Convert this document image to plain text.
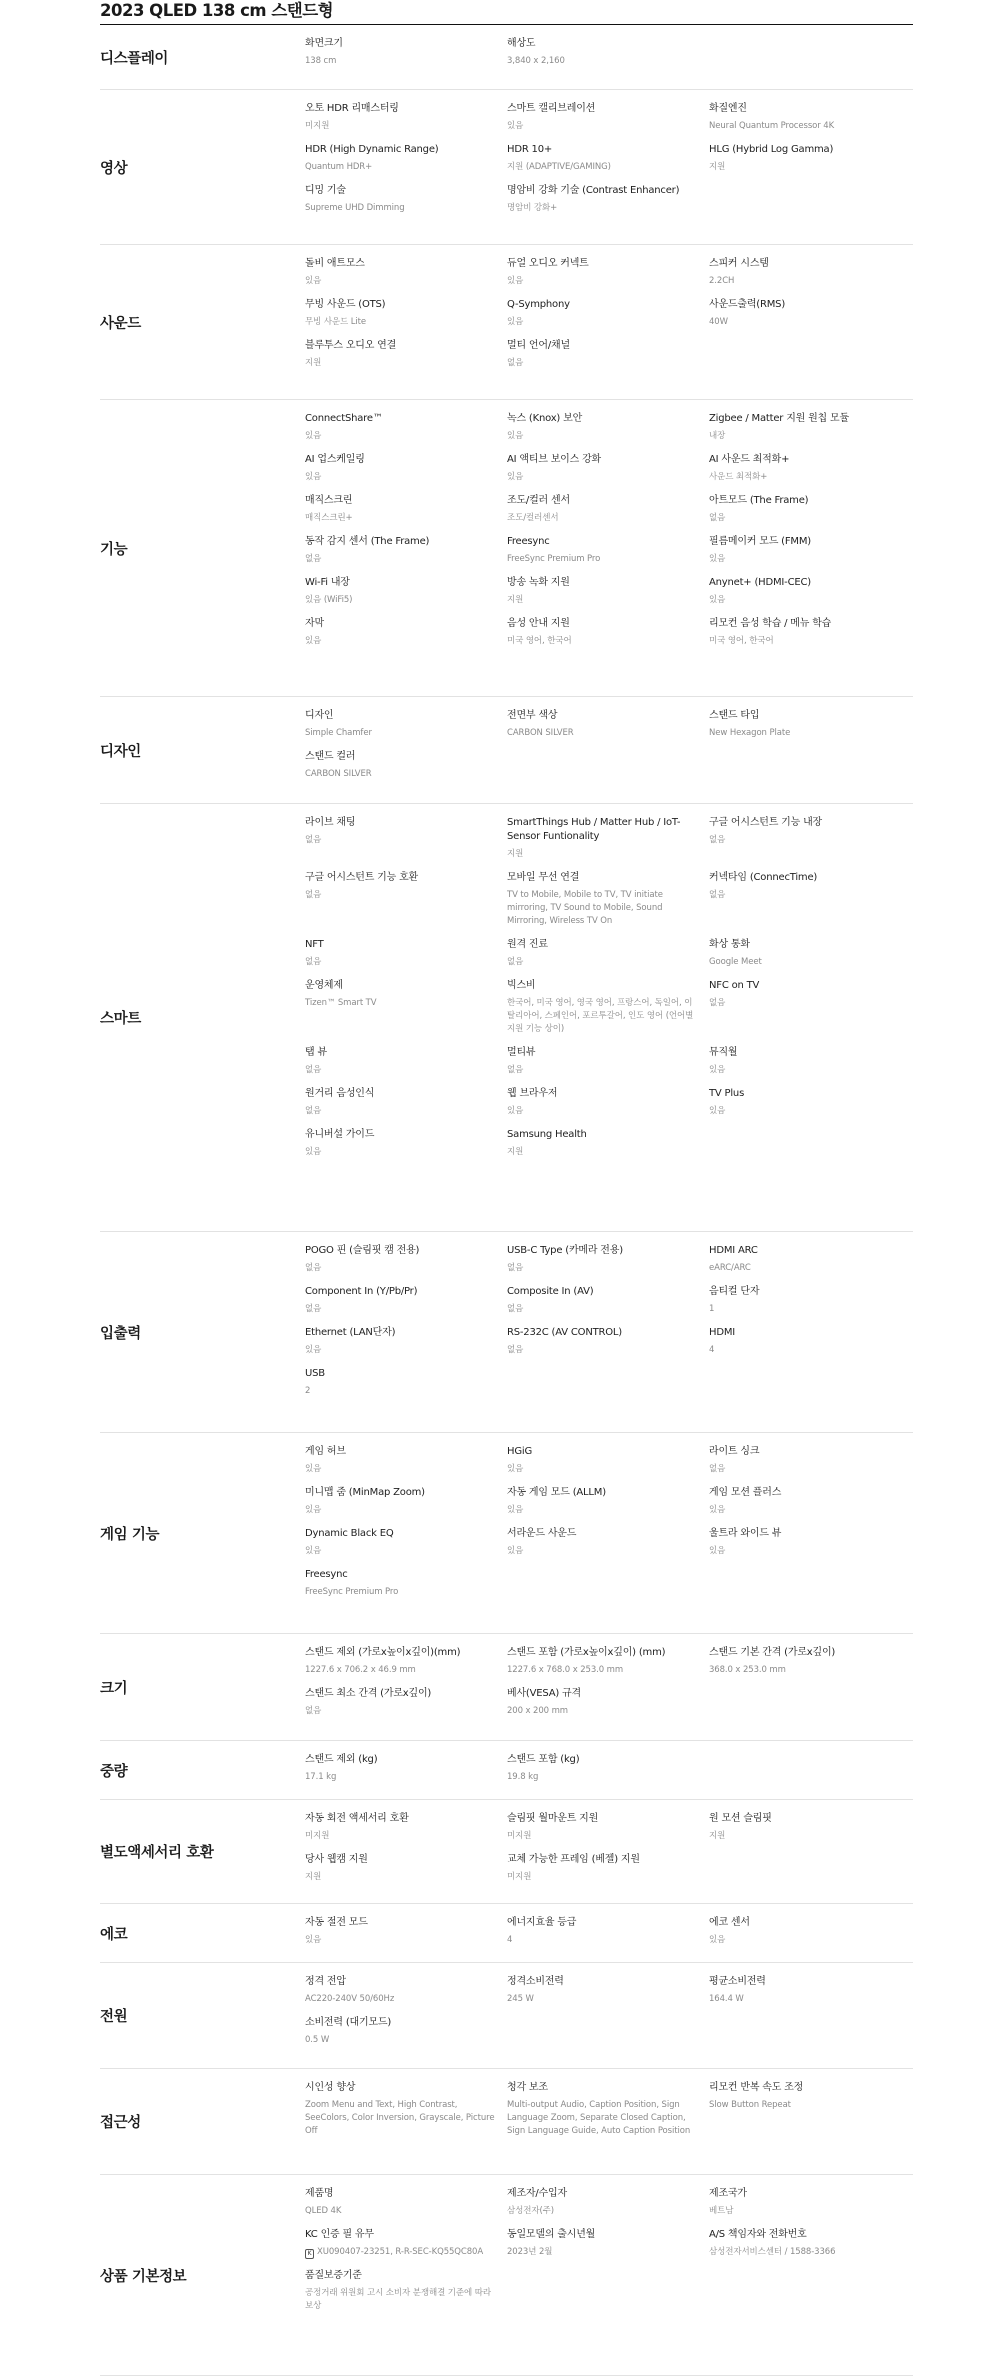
2023 QLED 138 cm 스탠드형
디스플레이
화면크기
138 cm
해상도
3,840 x 2,160
영상
오토 HDR 리매스터링
미지원
스마트 캘리브레이션
있음
화질엔진
Neural Quantum Processor 4K
HDR (High Dynamic Range)
Quantum HDR+
HDR 10+
지원 (ADAPTIVE/GAMING)
HLG (Hybrid Log Gamma)
지원
디밍 기술
Supreme UHD Dimming
명암비 강화 기술 (Contrast Enhancer)
명암비 강화+
사운드
돌비 애트모스
있음
듀얼 오디오 커넥트
있음
스피커 시스템
2.2CH
무빙 사운드 (OTS)
무빙 사운드 Lite
Q-Symphony
있음
사운드출력(RMS)
40W
블루투스 오디오 연결
지원
멀티 언어/채널
없음
기능
ConnectShare™
있음
녹스 (Knox) 보안
있음
Zigbee / Matter 지원 원칩 모듈
내장
AI 업스케일링
있음
AI 액티브 보이스 강화
있음
AI 사운드 최적화+
사운드 최적화+
매직스크린
매직스크린+
조도/컬러 센서
조도/컬러센서
아트모드 (The Frame)
없음
동작 감지 센서 (The Frame)
없음
Freesync
FreeSync Premium Pro
필름메이커 모드 (FMM)
있음
Wi-Fi 내장
있음 (WiFi5)
방송 녹화 지원
지원
Anynet+ (HDMI-CEC)
있음
자막
있음
음성 안내 지원
미국 영어, 한국어
리모컨 음성 학습 / 메뉴 학습
미국 영어, 한국어
디자인
디자인
Simple Chamfer
전면부 색상
CARBON SILVER
스탠드 타입
New Hexagon Plate
스탠드 컬러
CARBON SILVER
스마트
라이브 채팅
없음
SmartThings Hub / Matter Hub / IoT-Sensor Funtionality
지원
구글 어시스턴트 기능 내장
없음
구글 어시스턴트 기능 호환
없음
모바일 무선 연결
TV to Mobile, Mobile to TV, TV initiate mirroring, TV Sound to Mobile, Sound Mirroring, Wireless TV On
커넥타임 (ConnecTime)
없음
NFT
없음
원격 진료
없음
화상 통화
Google Meet
운영체제
Tizen™ Smart TV
빅스비
한국어, 미국 영어, 영국 영어, 프랑스어, 독일어, 이탈리아어, 스페인어, 포르투갈어, 인도 영어 (언어별 지원 기능 상이)
NFC on TV
없음
탭 뷰
없음
멀티뷰
없음
뮤직월
있음
원거리 음성인식
없음
웹 브라우저
있음
TV Plus
있음
유니버설 가이드
있음
Samsung Health
지원
입출력
POGO 핀 (슬림핏 캠 전용)
없음
USB-C Type (카메라 전용)
없음
HDMI ARC
eARC/ARC
Component In (Y/Pb/Pr)
없음
Composite In (AV)
없음
음티컬 단자
1
Ethernet (LAN단자)
있음
RS-232C (AV CONTROL)
없음
HDMI
4
USB
2
게임 기능
게임 허브
있음
HGiG
있음
라이트 싱크
없음
미니맵 줌 (MinMap Zoom)
있음
자동 게임 모드 (ALLM)
있음
게임 모션 플러스
있음
Dynamic Black EQ
있음
서라운드 사운드
있음
울트라 와이드 뷰
있음
Freesync
FreeSync Premium Pro
크기
스탠드 제외 (가로x높이x깊이)(mm)
1227.6 x 706.2 x 46.9 mm
스탠드 포함 (가로x높이x깊이) (mm)
1227.6 x 768.0 x 253.0 mm
스탠드 기본 간격 (가로x깊이)
368.0 x 253.0 mm
스탠드 최소 간격 (가로x깊이)
없음
베사(VESA) 규격
200 x 200 mm
중량
스탠드 제외 (kg)
17.1 kg
스탠드 포함 (kg)
19.8 kg
별도액세서리 호환
자동 회전 액세서리 호환
미지원
슬림핏 월마운트 지원
미지원
원 모션 슬림핏
지원
당사 웹캠 지원
지원
교체 가능한 프레임 (베젤) 지원
미지원
에코
자동 절전 모드
있음
에너지효율 등급
4
에코 센서
있음
전원
정격 전압
AC220-240V 50/60Hz
정격소비전력
245 W
평균소비전력
164.4 W
소비전력 (대기모드)
0.5 W
접근성
시인성 향상
Zoom Menu and Text, High Contrast, SeeColors, Color Inversion, Grayscale, Picture Off
청각 보조
Multi-output Audio, Caption Position, Sign Language Zoom, Separate Closed Caption, Sign Language Guide, Auto Caption Position
리모컨 반복 속도 조정
Slow Button Repeat
상품 기본정보
제품명
QLED 4K
제조자/수입자
삼성전자(주)
제조국가
베트남
KC 인증 필 유무
K XU090407-23251, R-R-SEC-KQ55QC80A
동일모델의 출시년월
2023년 2월
A/S 책임자와 전화번호
삼성전자서비스센터 / 1588-3366
품질보증기준
공정거래 위원회 고시 소비자 분쟁해결 기준에 따라 보상
